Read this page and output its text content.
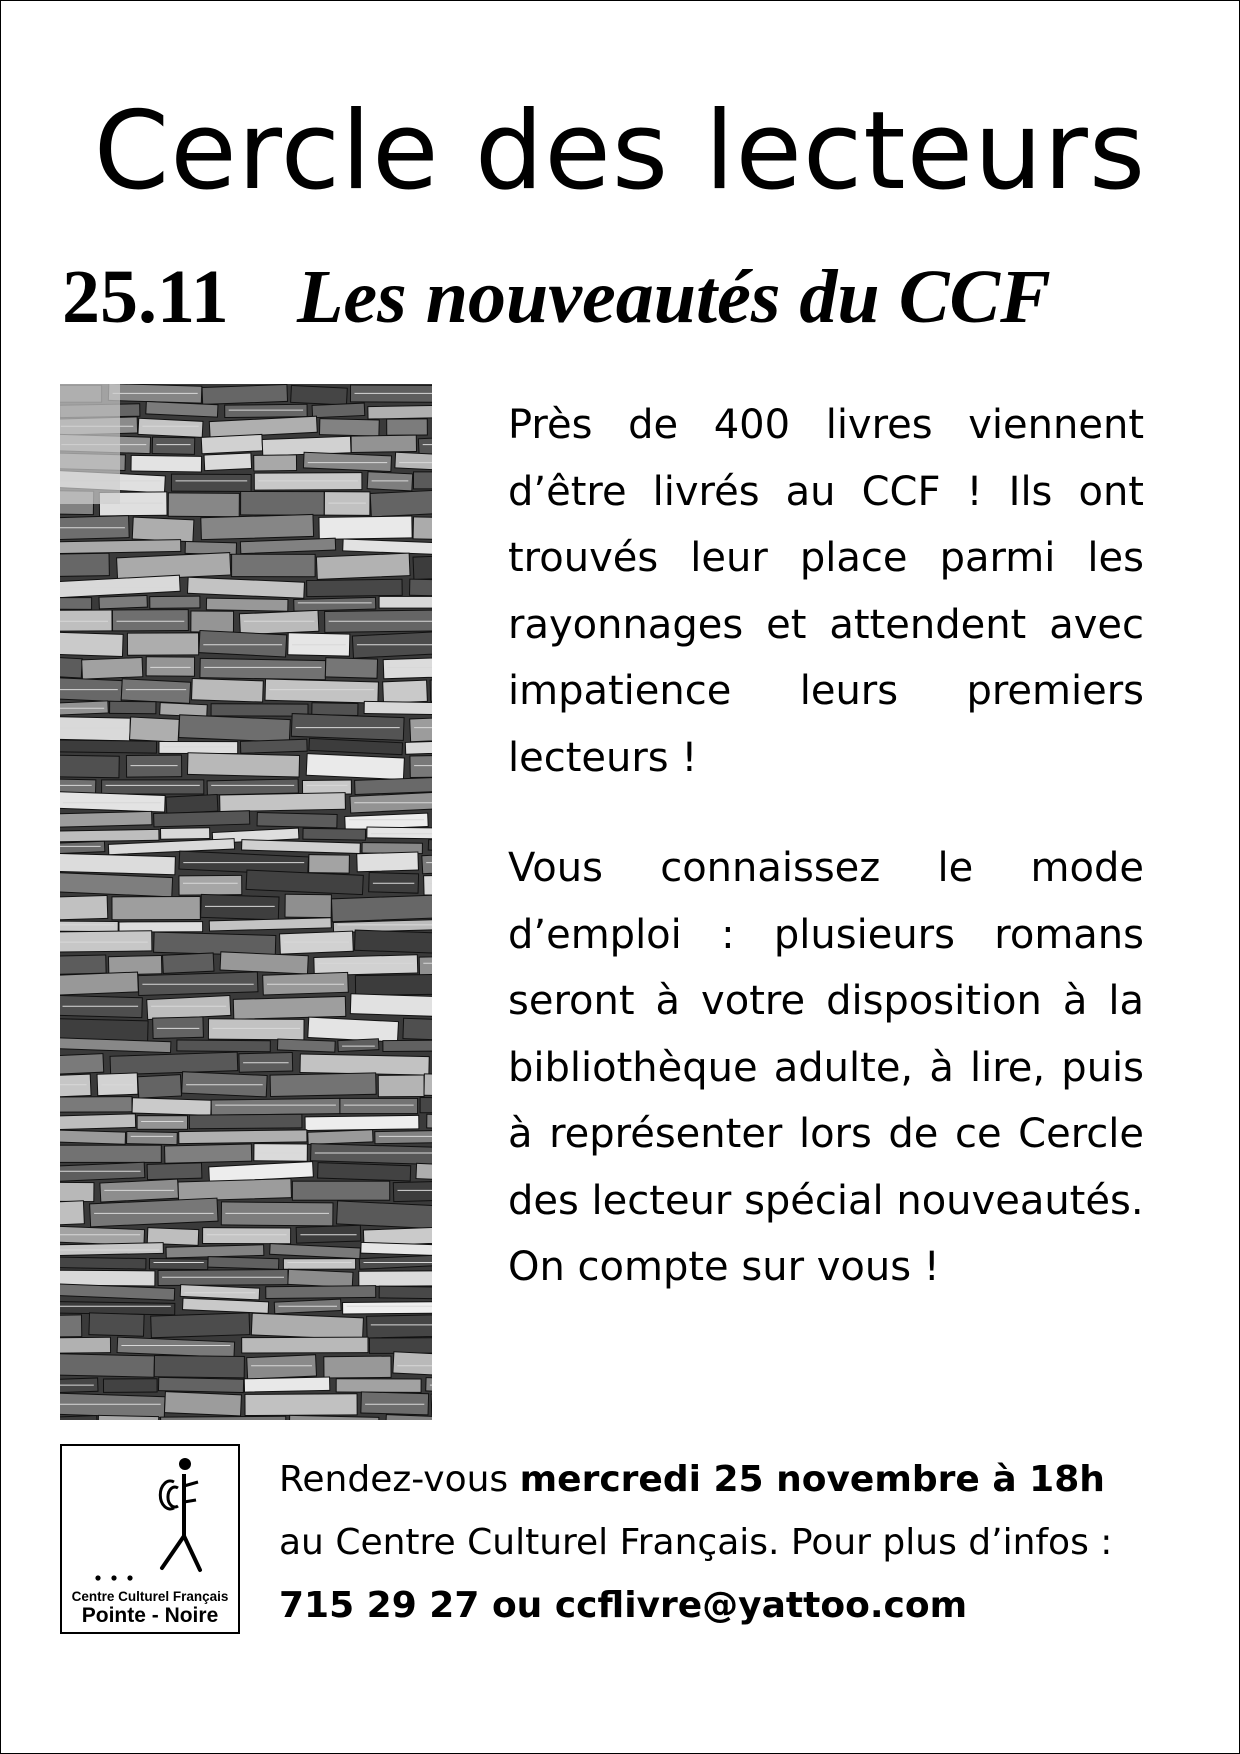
Cercle des lecteurs
25.11 Les nouveautés du CCF

Près de 400 livres viennent d’être livrés au CCF ! Ils ont trouvés leur place parmi les rayonnages et attendent avec impatience leurs premiers lecteurs !

Vous connaissez le mode d’emploi : plusieurs romans seront à votre disposition à la bibliothèque adulte, à lire, puis à représenter lors de ce Cercle des lecteur spécial nouveautés.

On compte sur vous !

Centre Culturel Français
Pointe - Noire
Rendez-vous mercredi 25 novembre à 18h
au Centre Culturel Français. Pour plus d’infos :
715 29 27 ou ccflivre@yattoo.com
